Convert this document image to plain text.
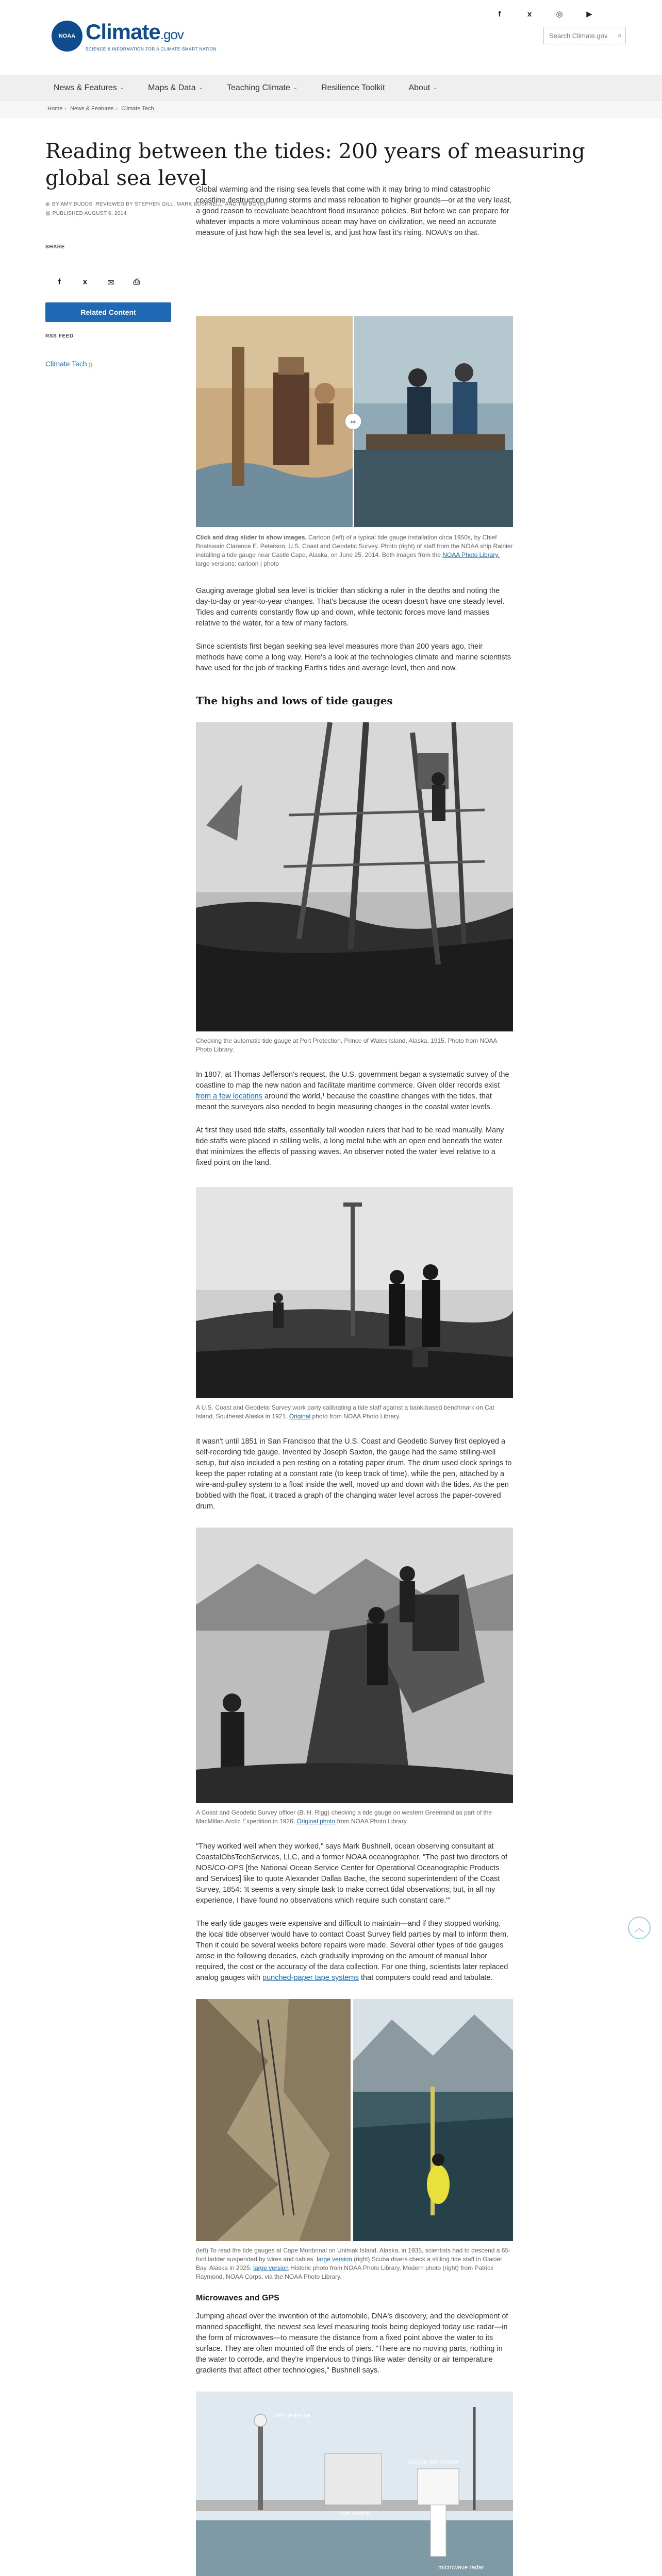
NOAA Climate.gov
SCIENCE & INFORMATION FOR A CLIMATE-SMART NATION
f	x	◎	▶
Search Climate.gov
⌕
News & Features ⌄	Maps & Data ⌄	Teaching Climate ⌄	Resilience Toolkit	About ⌄
Home › News & Features › Climate Tech
Reading between the tides: 200 years of measuring global sea level
◉ BY AMY BUDDS REVIEWED BY STEPHEN GILL, MARK BUSHNELL, AND TIM BOYER
▦ PUBLISHED AUGUST 6, 2014
SHARE
f	x ✉ ⎙
Related Content
RSS FEED
Climate Tech ))

Global warming and the rising sea levels that come with it may bring to mind catastrophic coastline destruction during storms and mass relocation to higher grounds—or at the very least, a good reason to reevaluate beachfront flood insurance policies. But before we can prepare for whatever impacts a more voluminous ocean may have on civilization, we need an accurate measure of just how high the sea level is, and just how fast it's rising. NOAA's on that.

⇔

Click and drag slider to show images. Cartoon (left) of a typical tide gauge installation circa 1950s, by Chief Boatswain Clarence E. Peterson, U.S. Coast and Geodetic Survey. Photo (right) of staff from the NOAA ship Rainier installing a tide gauge near Castle Cape, Alaska, on June 25, 2014. Both images from the NOAA Photo Library. large versions: cartoon | photo

Gauging average global sea level is trickier than sticking a ruler in the depths and noting the day-to-day or year-to-year changes. That's because the ocean doesn't have one steady level. Tides and currents constantly flow up and down, while tectonic forces move land masses relative to the water, for a few of many factors.

Since scientists first began seeking sea level measures more than 200 years ago, their methods have come a long way. Here's a look at the technologies climate and marine scientists have used for the job of tracking Earth's tides and average level, then and now.

The highs and lows of tide gauges

Checking the automatic tide gauge at Port Protection, Prince of Wales Island, Alaska, 1915. Photo from NOAA Photo Library.

In 1807, at Thomas Jefferson's request, the U.S. government began a systematic survey of the coastline to map the new nation and facilitate maritime commerce. Given older records exist from a few locations around the world,¹ because the coastline changes with the tides, that meant the surveyors also needed to begin measuring changes in the coastal water levels.

At first they used tide staffs, essentially tall wooden rulers that had to be read manually. Many tide staffs were placed in stilling wells, a long metal tube with an open end beneath the water that minimizes the effects of passing waves. An observer noted the water level relative to a fixed point on the land.

A U.S. Coast and Geodetic Survey work party calibrating a tide staff against a bank-based benchmark on Cat Island, Southeast Alaska in 1921. Original photo from NOAA Photo Library.

It wasn't until 1851 in San Francisco that the U.S. Coast and Geodetic Survey first deployed a self-recording tide gauge. Invented by Joseph Saxton, the gauge had the same stilling-well setup, but also included a pen resting on a rotating paper drum. The drum used clock springs to keep the paper rotating at a constant rate (to keep track of time), while the pen, attached by a wire-and-pulley system to a float inside the well, moved up and down with the tides. As the pen bobbed with the float, it traced a graph of the changing water level across the paper-covered drum.

A Coast and Geodetic Survey officer (B. H. Rigg) checking a tide gauge on western Greenland as part of the MacMillan Arctic Expedition in 1926. Original photo from NOAA Photo Library.

"They worked well when they worked," says Mark Bushnell, ocean observing consultant at CoastalObsTechServices, LLC, and a former NOAA oceanographer. "The past two directors of NOS/CO-OPS [the National Ocean Service Center for Operational Oceanographic Products and Services] like to quote Alexander Dallas Bache, the second superintendent of the Coast Survey, 1854: 'It seems a very simple task to make correct tidal observations; but, in all my experience, I have found no observations which require such constant care.'"

The early tide gauges were expensive and difficult to maintain—and if they stopped working, the local tide observer would have to contact Coast Survey field parties by mail to inform them. Then it could be several weeks before repairs were made. Several other types of tide gauges arose in the following decades, each gradually improving on the amount of manual labor required, the cost or the accuracy of the data collection. For one thing, scientists later replaced analog gauges with punched-paper tape systems that computers could read and tabulate.

(left) To read the tide gauges at Cape Monbrinal on Unimak Island, Alaska, in 1935, scientists had to descend a 65-foot ladder suspended by wires and cables. large version (right) Scuba divers check a stilling tide staff in Glacier Bay, Alaska in 2025. large version Historic photo from NOAA Photo Library. Modern photo (right) from Patrick Raymond, NOAA Corps, via the NOAA Photo Library.

Microwaves and GPS

Jumping ahead over the invention of the automobile, DNA's discovery, and the development of manned spaceflight, the newest sea level measuring tools being deployed today use radar—in the form of microwaves—to measure the distance from a fixed point above the water to its surface. They are often mounted off the ends of piers. "There are no moving parts, nothing in the water to corrode, and they're impervious to things like water density or air temperature gradients that affect other technologies," Bushnell says.

GPS antenna
tide station
backup tide sensor
microwave radar

︿
